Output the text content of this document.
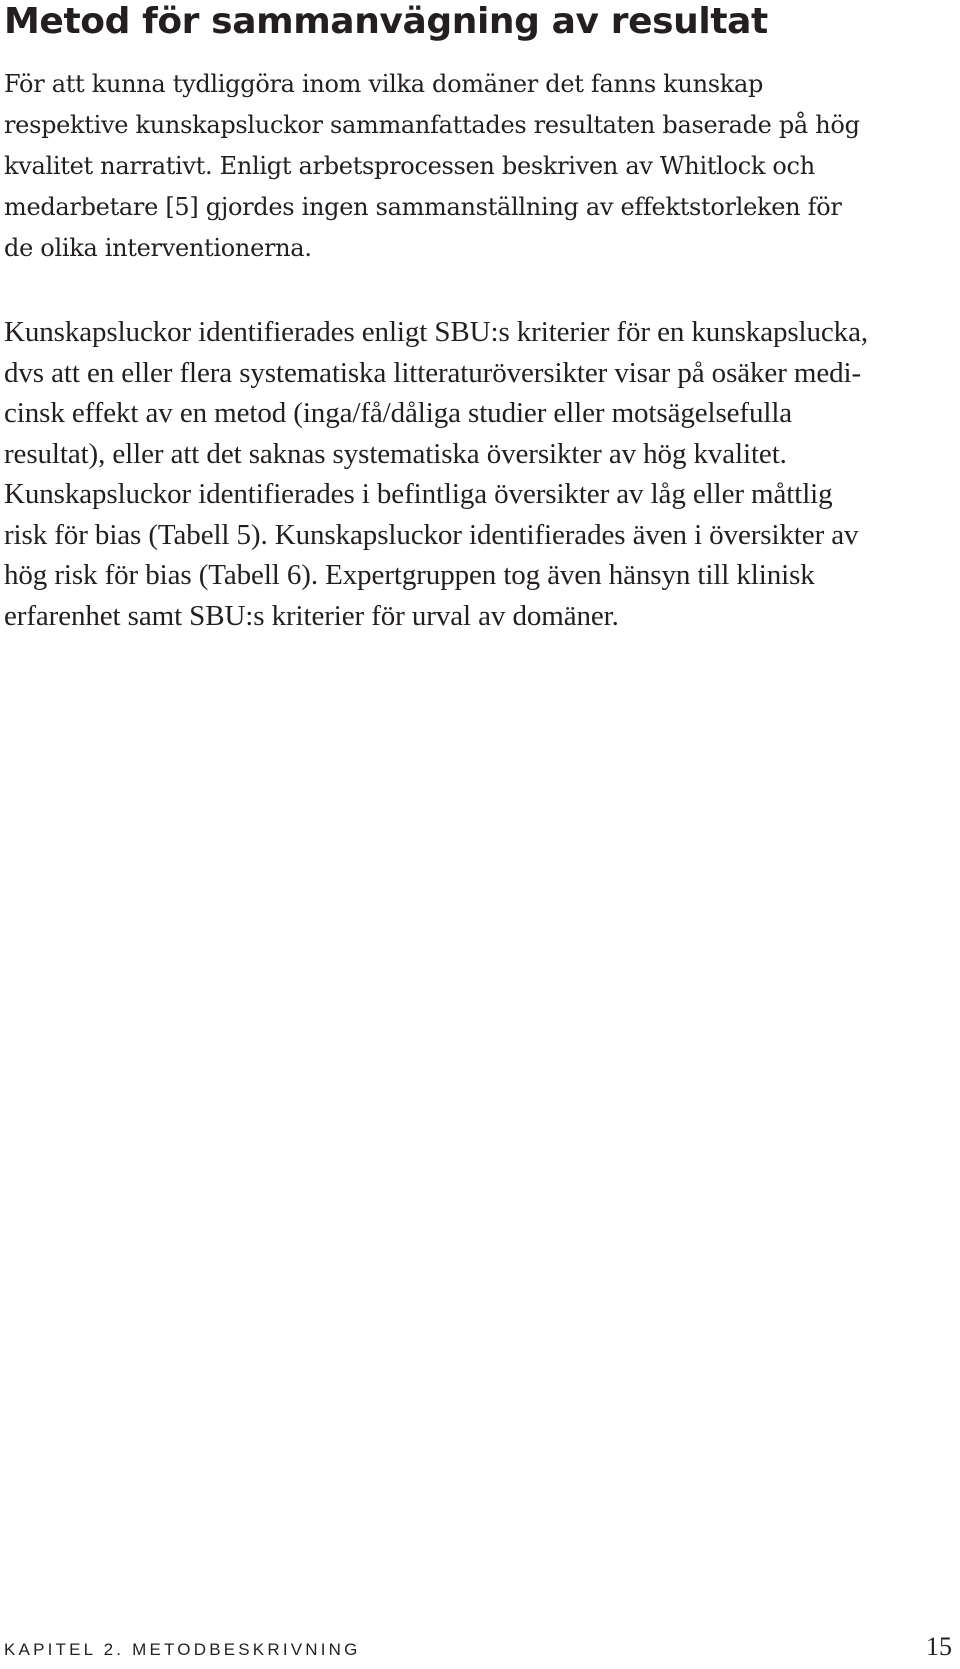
Metod för sammanvägning av resultat
För att kunna tydliggöra inom vilka domäner det fanns kunskap
respektive kunskapsluckor sammanfattades resultaten baserade på hög
kvalitet narrativt. Enligt arbetsprocessen beskriven av Whitlock och
medarbetare [5] gjordes ingen sammanställning av effektstorleken för
de olika interventionerna.
Kunskapsluckor identifierades enligt SBU:s kriterier för en kunskapslucka,
dvs att en eller flera systematiska litteraturöversikter visar på osäker medi-
cinsk effekt av en metod (inga/få/dåliga studier eller motsägelsefulla
resultat), eller att det saknas systematiska översikter av hög kvalitet.
Kunskapsluckor identifierades i befintliga översikter av låg eller måttlig
risk för bias (Tabell 5). Kunskapsluckor identifierades även i översikter av
hög risk för bias (Tabell 6). Expertgruppen tog även hänsyn till klinisk
erfarenhet samt SBU:s kriterier för urval av domäner.
KAPITEL 2. METODBESKRIVNING	15
